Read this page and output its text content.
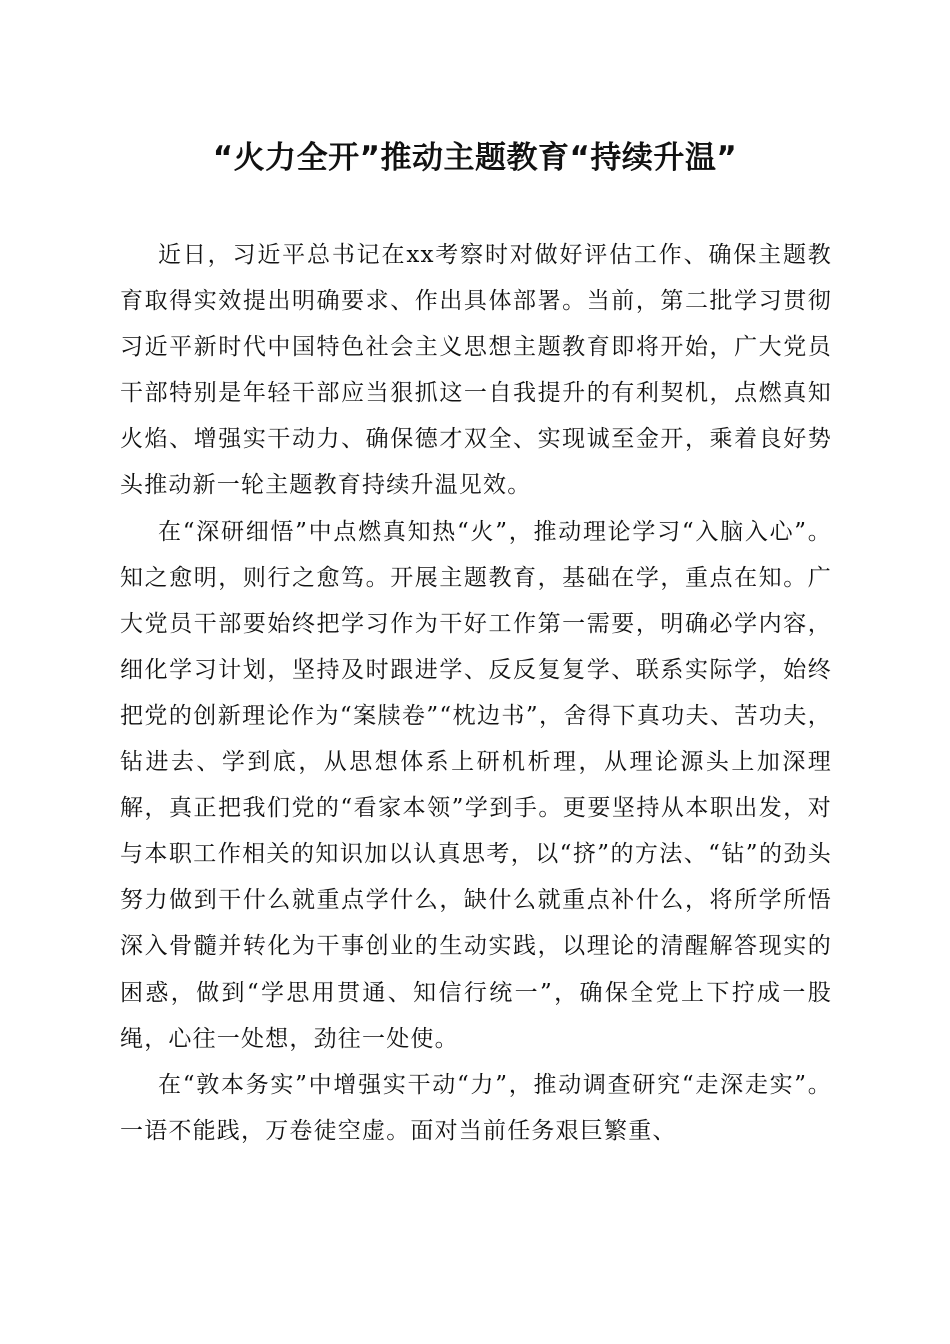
“火力全开”推动主题教育“持续升温”

近日，习近平总书记在xx考察时对做好评估工作、确保主题教育取得实效提出明确要求、作出具体部署。当前，第二批学习贯彻习近平新时代中国特色社会主义思想主题教育即将开始，广大党员干部特别是年轻干部应当狠抓这一自我提升的有利契机，点燃真知火焰、增强实干动力、确保德才双全、实现诚至金开，乘着良好势头推动新一轮主题教育持续升温见效。

在“深研细悟”中点燃真知热“火”，推动理论学习“入脑入心”。知之愈明，则行之愈笃。开展主题教育，基础在学，重点在知。广大党员干部要始终把学习作为干好工作第一需要，明确必学内容，细化学习计划，坚持及时跟进学、反反复复学、联系实际学，始终把党的创新理论作为“案牍卷”“枕边书”，舍得下真功夫、苦功夫，钻进去、学到底，从思想体系上研机析理，从理论源头上加深理解，真正把我们党的“看家本领”学到手。更要坚持从本职出发，对与本职工作相关的知识加以认真思考，以“挤”的方法、“钻”的劲头努力做到干什么就重点学什么，缺什么就重点补什么，将所学所悟深入骨髓并转化为干事创业的生动实践，以理论的清醒解答现实的困惑，做到“学思用贯通、知信行统一”，确保全党上下拧成一股绳，心往一处想，劲往一处使。

在“敦本务实”中增强实干动“力”，推动调查研究“走深走实”。一语不能践，万卷徒空虚。面对当前任务艰巨繁重、
